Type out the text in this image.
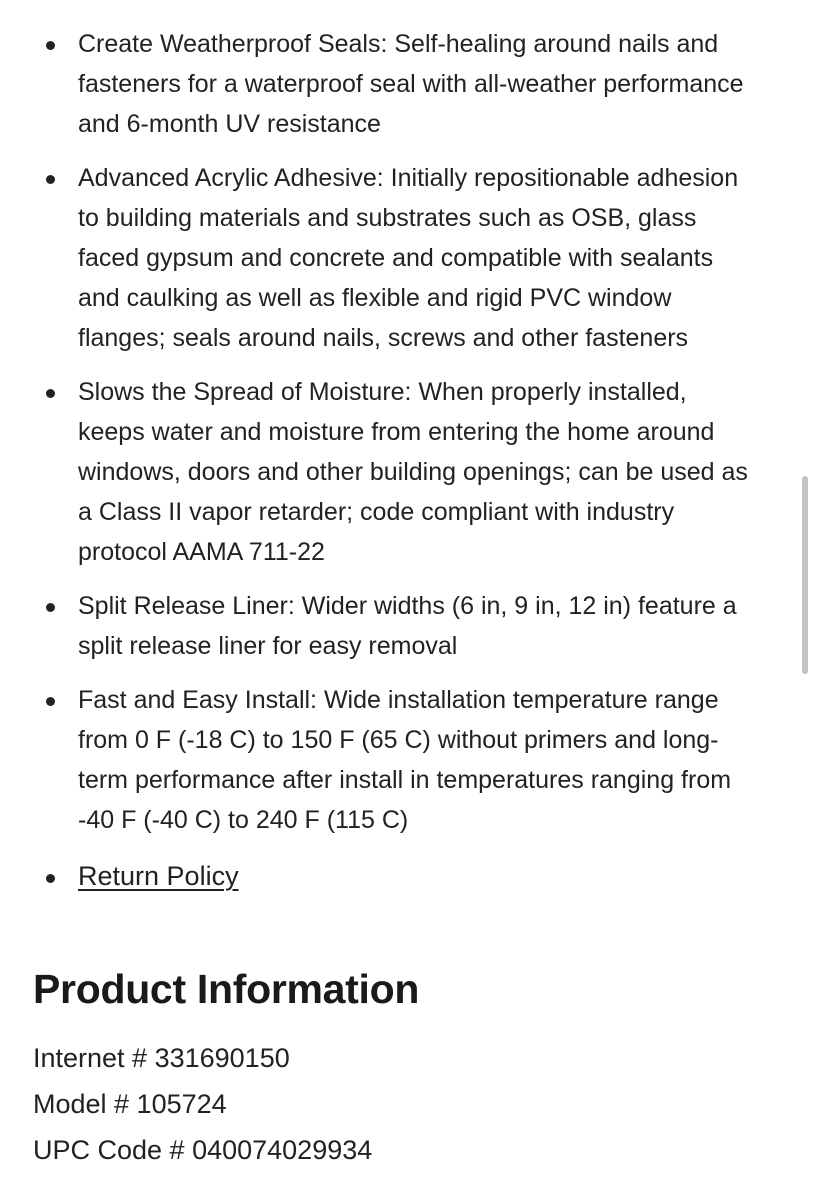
Create Weatherproof Seals: Self-healing around nails and fasteners for a waterproof seal with all-weather performance and 6-month UV resistance
Advanced Acrylic Adhesive: Initially repositionable adhesion to building materials and substrates such as OSB, glass faced gypsum and concrete and compatible with sealants and caulking as well as flexible and rigid PVC window flanges; seals around nails, screws and other fasteners
Slows the Spread of Moisture: When properly installed, keeps water and moisture from entering the home around windows, doors and other building openings; can be used as a Class II vapor retarder; code compliant with industry protocol AAMA 711-22
Split Release Liner: Wider widths (6 in, 9 in, 12 in) feature a split release liner for easy removal
Fast and Easy Install: Wide installation temperature range from 0 F (-18 C) to 150 F (65 C) without primers and long-term performance after install in temperatures ranging from -40 F (-40 C) to 240 F (115 C)
Return Policy
Product Information
Internet # 331690150
Model # 105724
UPC Code # 040074029934
